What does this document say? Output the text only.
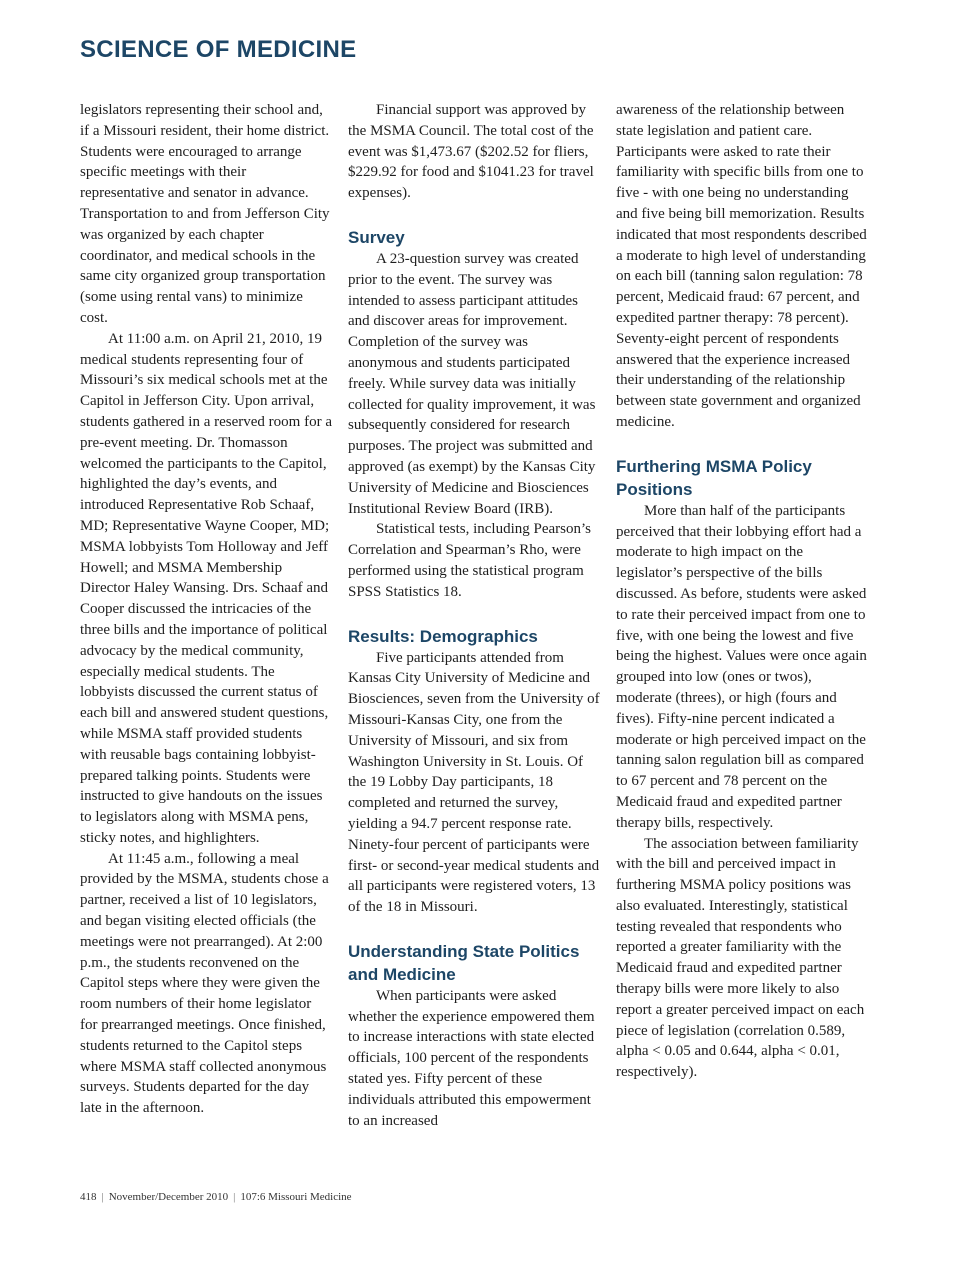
SCIENCE OF MEDICINE

legislators representing their school and, if a Missouri resident, their home district. Students were encouraged to arrange specific meetings with their representative and senator in advance. Transportation to and from Jefferson City was organized by each chapter coordinator, and medical schools in the same city organized group transportation (some using rental vans) to minimize cost.

At 11:00 a.m. on April 21, 2010, 19 medical students representing four of Missouri’s six medical schools met at the Capitol in Jefferson City. Upon arrival, students gathered in a reserved room for a pre-event meeting. Dr. Thomasson welcomed the participants to the Capitol, highlighted the day’s events, and introduced Representative Rob Schaaf, MD; Representative Wayne Cooper, MD; MSMA lobbyists Tom Holloway and Jeff Howell; and MSMA Membership Director Haley Wansing. Drs. Schaaf and Cooper discussed the intricacies of the three bills and the importance of political advocacy by the medical community, especially medical students. The lobbyists discussed the current status of each bill and answered student questions, while MSMA staff provided students with reusable bags containing lobbyist-prepared talking points. Students were instructed to give handouts on the issues to legislators along with MSMA pens, sticky notes, and highlighters.

At 11:45 a.m., following a meal provided by the MSMA, students chose a partner, received a list of 10 legislators, and began visiting elected officials (the meetings were not prearranged). At 2:00 p.m., the students reconvened on the Capitol steps where they were given the room numbers of their home legislator for prearranged meetings. Once finished, students returned to the Capitol steps where MSMA staff collected anonymous surveys. Students departed for the day late in the afternoon.

Financial support was approved by the MSMA Council. The total cost of the event was $1,473.67 ($202.52 for fliers, $229.92 for food and $1041.23 for travel expenses).

Survey

A 23-question survey was created prior to the event. The survey was intended to assess participant attitudes and discover areas for improvement. Completion of the survey was anonymous and students participated freely. While survey data was initially collected for quality improvement, it was subsequently considered for research purposes. The project was submitted and approved (as exempt) by the Kansas City University of Medicine and Biosciences Institutional Review Board (IRB).

Statistical tests, including Pearson’s Correlation and Spearman’s Rho, were performed using the statistical program SPSS Statistics 18.

Results: Demographics

Five participants attended from Kansas City University of Medicine and Biosciences, seven from the University of Missouri-Kansas City, one from the University of Missouri, and six from Washington University in St. Louis. Of the 19 Lobby Day participants, 18 completed and returned the survey, yielding a 94.7 percent response rate. Ninety-four percent of participants were first- or second-year medical students and all participants were registered voters, 13 of the 18 in Missouri.

Understanding State Politics and Medicine

When participants were asked whether the experience empowered them to increase interactions with state elected officials, 100 percent of the respondents stated yes. Fifty percent of these individuals attributed this empowerment to an increased

awareness of the relationship between state legislation and patient care. Participants were asked to rate their familiarity with specific bills from one to five - with one being no understanding and five being bill memorization. Results indicated that most respondents described a moderate to high level of understanding on each bill (tanning salon regulation: 78 percent, Medicaid fraud: 67 percent, and expedited partner therapy: 78 percent). Seventy-eight percent of respondents answered that the experience increased their understanding of the relationship between state government and organized medicine.

Furthering MSMA Policy Positions

More than half of the participants perceived that their lobbying effort had a moderate to high impact on the legislator’s perspective of the bills discussed. As before, students were asked to rate their perceived impact from one to five, with one being the lowest and five being the highest. Values were once again grouped into low (ones or twos), moderate (threes), or high (fours and fives). Fifty-nine percent indicated a moderate or high perceived impact on the tanning salon regulation bill as compared to 67 percent and 78 percent on the Medicaid fraud and expedited partner therapy bills, respectively.

The association between familiarity with the bill and perceived impact in furthering MSMA policy positions was also evaluated. Interestingly, statistical testing revealed that respondents who reported a greater familiarity with the Medicaid fraud and expedited partner therapy bills were more likely to also report a greater perceived impact on each piece of legislation (correlation 0.589, alpha < 0.05 and 0.644, alpha < 0.01, respectively).

418 | November/December 2010 | 107:6 Missouri Medicine
